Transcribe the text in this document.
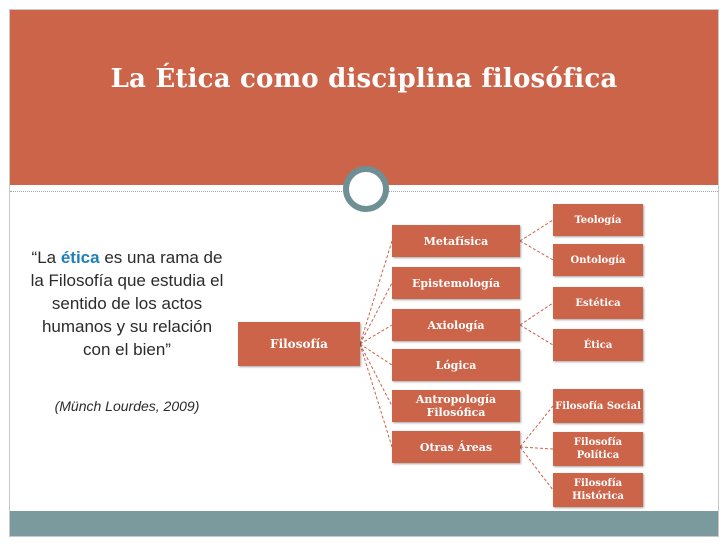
La Ética como disciplina filosófica
“La ética es una rama de la Filosofía que estudia el sentido de los actos humanos y su relación con el bien”
(Münch Lourdes, 2009)
Filosofía
Metafísica
Teología
Ontología
Epistemología
Axiología
Estética
Ética
Lógica
Antropología Filosófica
Otras Áreas
Filosofía Social
Filosofía Política
Filosofía Histórica
